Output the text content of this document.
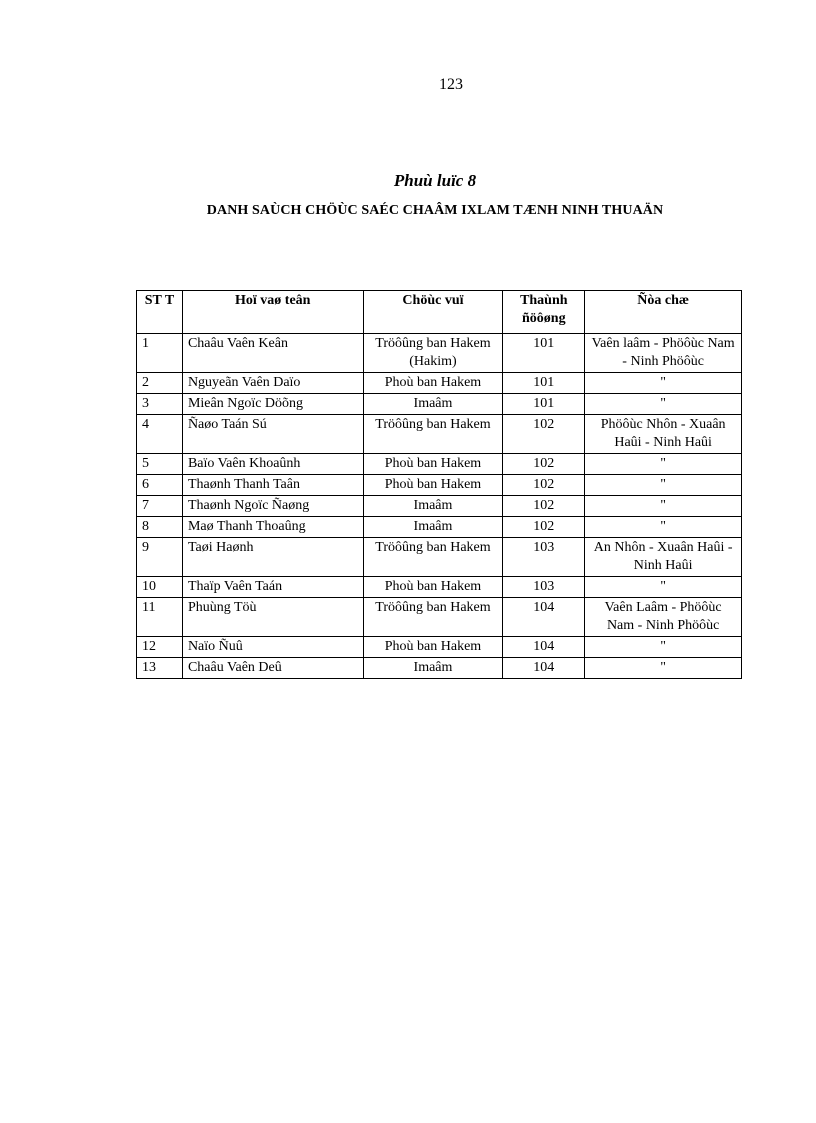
123
Phuù luïc 8
DANH SAÙCH CHÖÙC SAÉC CHAÂM IXLAM TÆNH NINH THUAÄN
ST T	Hoï vaø teân	Chöùc vuï	Thaùnh ñöôøng	Ñòa chæ
1	Chaâu Vaên Keân	Tröôûng ban Hakem (Hakim)	101	Vaên laâm - Phöôùc Nam - Ninh Phöôùc
2	Nguyeãn Vaên Daïo	Phoù ban Hakem	101	"
3	Mieân Ngoïc Döõng	Imaâm	101	"
4	Ñaøo Taán Sú	Tröôûng ban Hakem	102	Phöôùc Nhôn - Xuaân Haûi - Ninh Haûi
5	Baïo Vaên Khoaûnh	Phoù ban Hakem	102	"
6	Thaønh Thanh Taân	Phoù ban Hakem	102	"
7	Thaønh Ngoïc Ñaøng	Imaâm	102	"
8	Maø Thanh Thoaûng	Imaâm	102	"
9	Taøi Haønh	Tröôûng ban Hakem	103	An Nhôn - Xuaân Haûi - Ninh Haûi
10	Thaïp Vaên Taán	Phoù ban Hakem	103	"
11	Phuùng Töù	Tröôûng ban Hakem	104	Vaên Laâm - Phöôùc Nam - Ninh Phöôùc
12	Naïo Ñuû	Phoù ban Hakem	104	"
13	Chaâu Vaên Deû	Imaâm	104	"
